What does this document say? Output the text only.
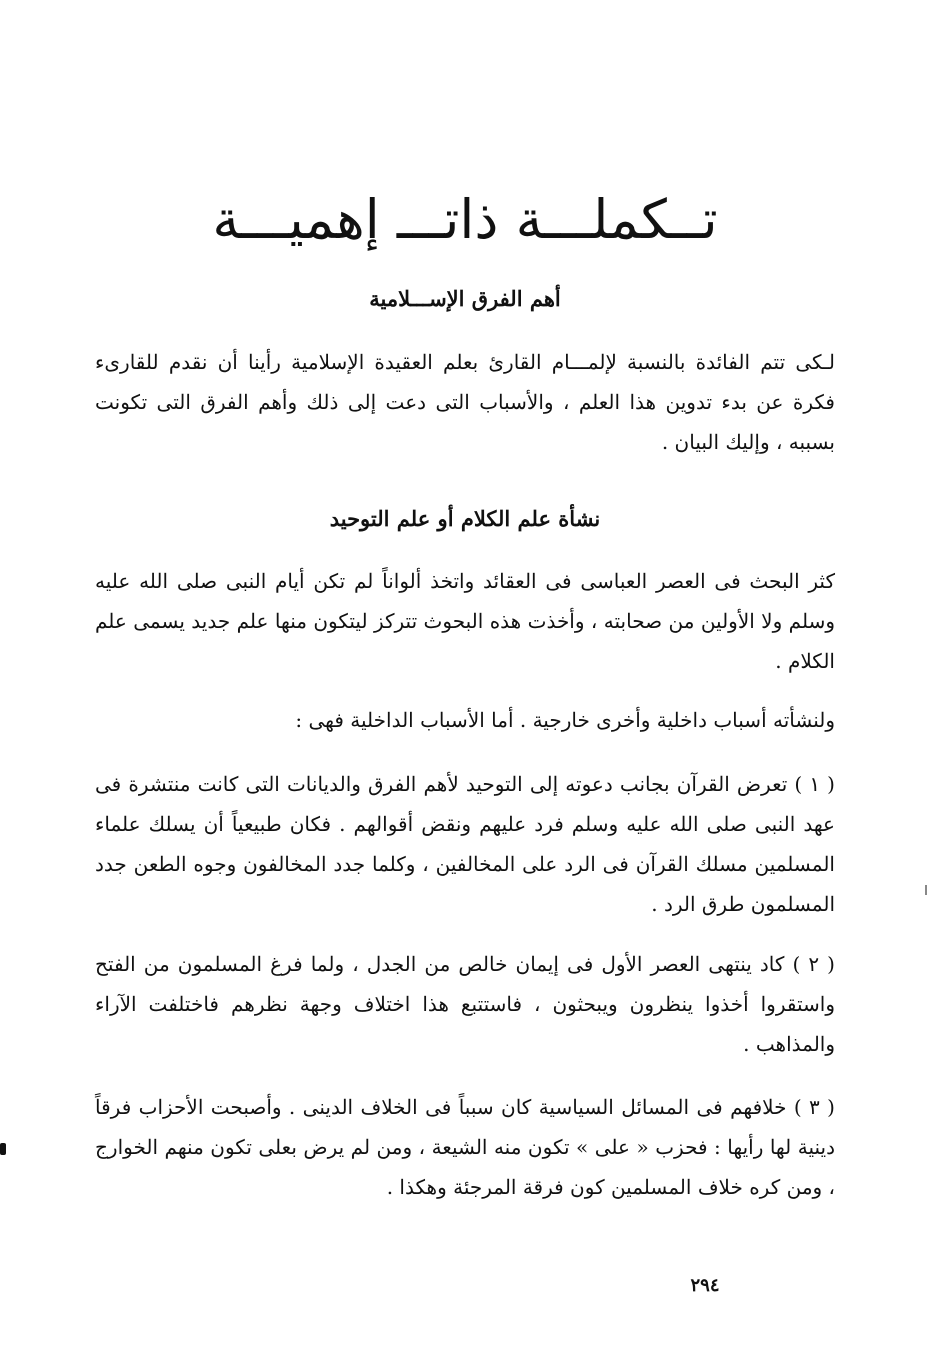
تــكملـــة ذاتـــ إهميـــة
أهم الفرق الإســـلامية

لـكى تتم الفائدة بالنسبة لإلمـــام القارئ بعلم العقيدة الإسلامية رأينا أن نقدم للقارىء فكرة عن بدء تدوين هذا العلم ، والأسباب التى دعت إلى ذلك وأهم الفرق التى تكونت بسببه ، وإليك البيان .

نشأة علم الكلام أو علم التوحيد

كثر البحث فى العصر العباسى فى العقائد واتخذ ألواناً لم تكن أيام النبى صلى الله عليه وسلم ولا الأولين من صحابته ، وأخذت هذه البحوث تتركز ليتكون منها علم جديد يسمى علم الكلام .

ولنشأته أسباب داخلية وأخرى خارجية . أما الأسباب الداخلية فهى :

( ١ ) تعرض القرآن بجانب دعوته إلى التوحيد لأهم الفرق والديانات التى كانت منتشرة فى عهد النبى صلى الله عليه وسلم فرد عليهم ونقض أقوالهم . فكان طبيعياً أن يسلك علماء المسلمين مسلك القرآن فى الرد على المخالفين ، وكلما جدد المخالفون وجوه الطعن جدد المسلمون طرق الرد .

( ٢ ) كاد ينتهى العصر الأول فى إيمان خالص من الجدل ، ولما فرغ المسلمون من الفتح واستقروا أخذوا ينظرون ويبحثون ، فاستتبع هذا اختلاف وجهة نظرهم فاختلفت الآراء والمذاهب .

( ٣ ) خلافهم فى المسائل السياسية كان سبباً فى الخلاف الدينى . وأصبحت الأحزاب فرقاً دينية لها رأيها : فحزب « على » تكون منه الشيعة ، ومن لم يرض بعلى تكون منهم الخوارج ، ومن كره خلاف المسلمين كون فرقة المرجئة وهكذا .

٢٩٤
